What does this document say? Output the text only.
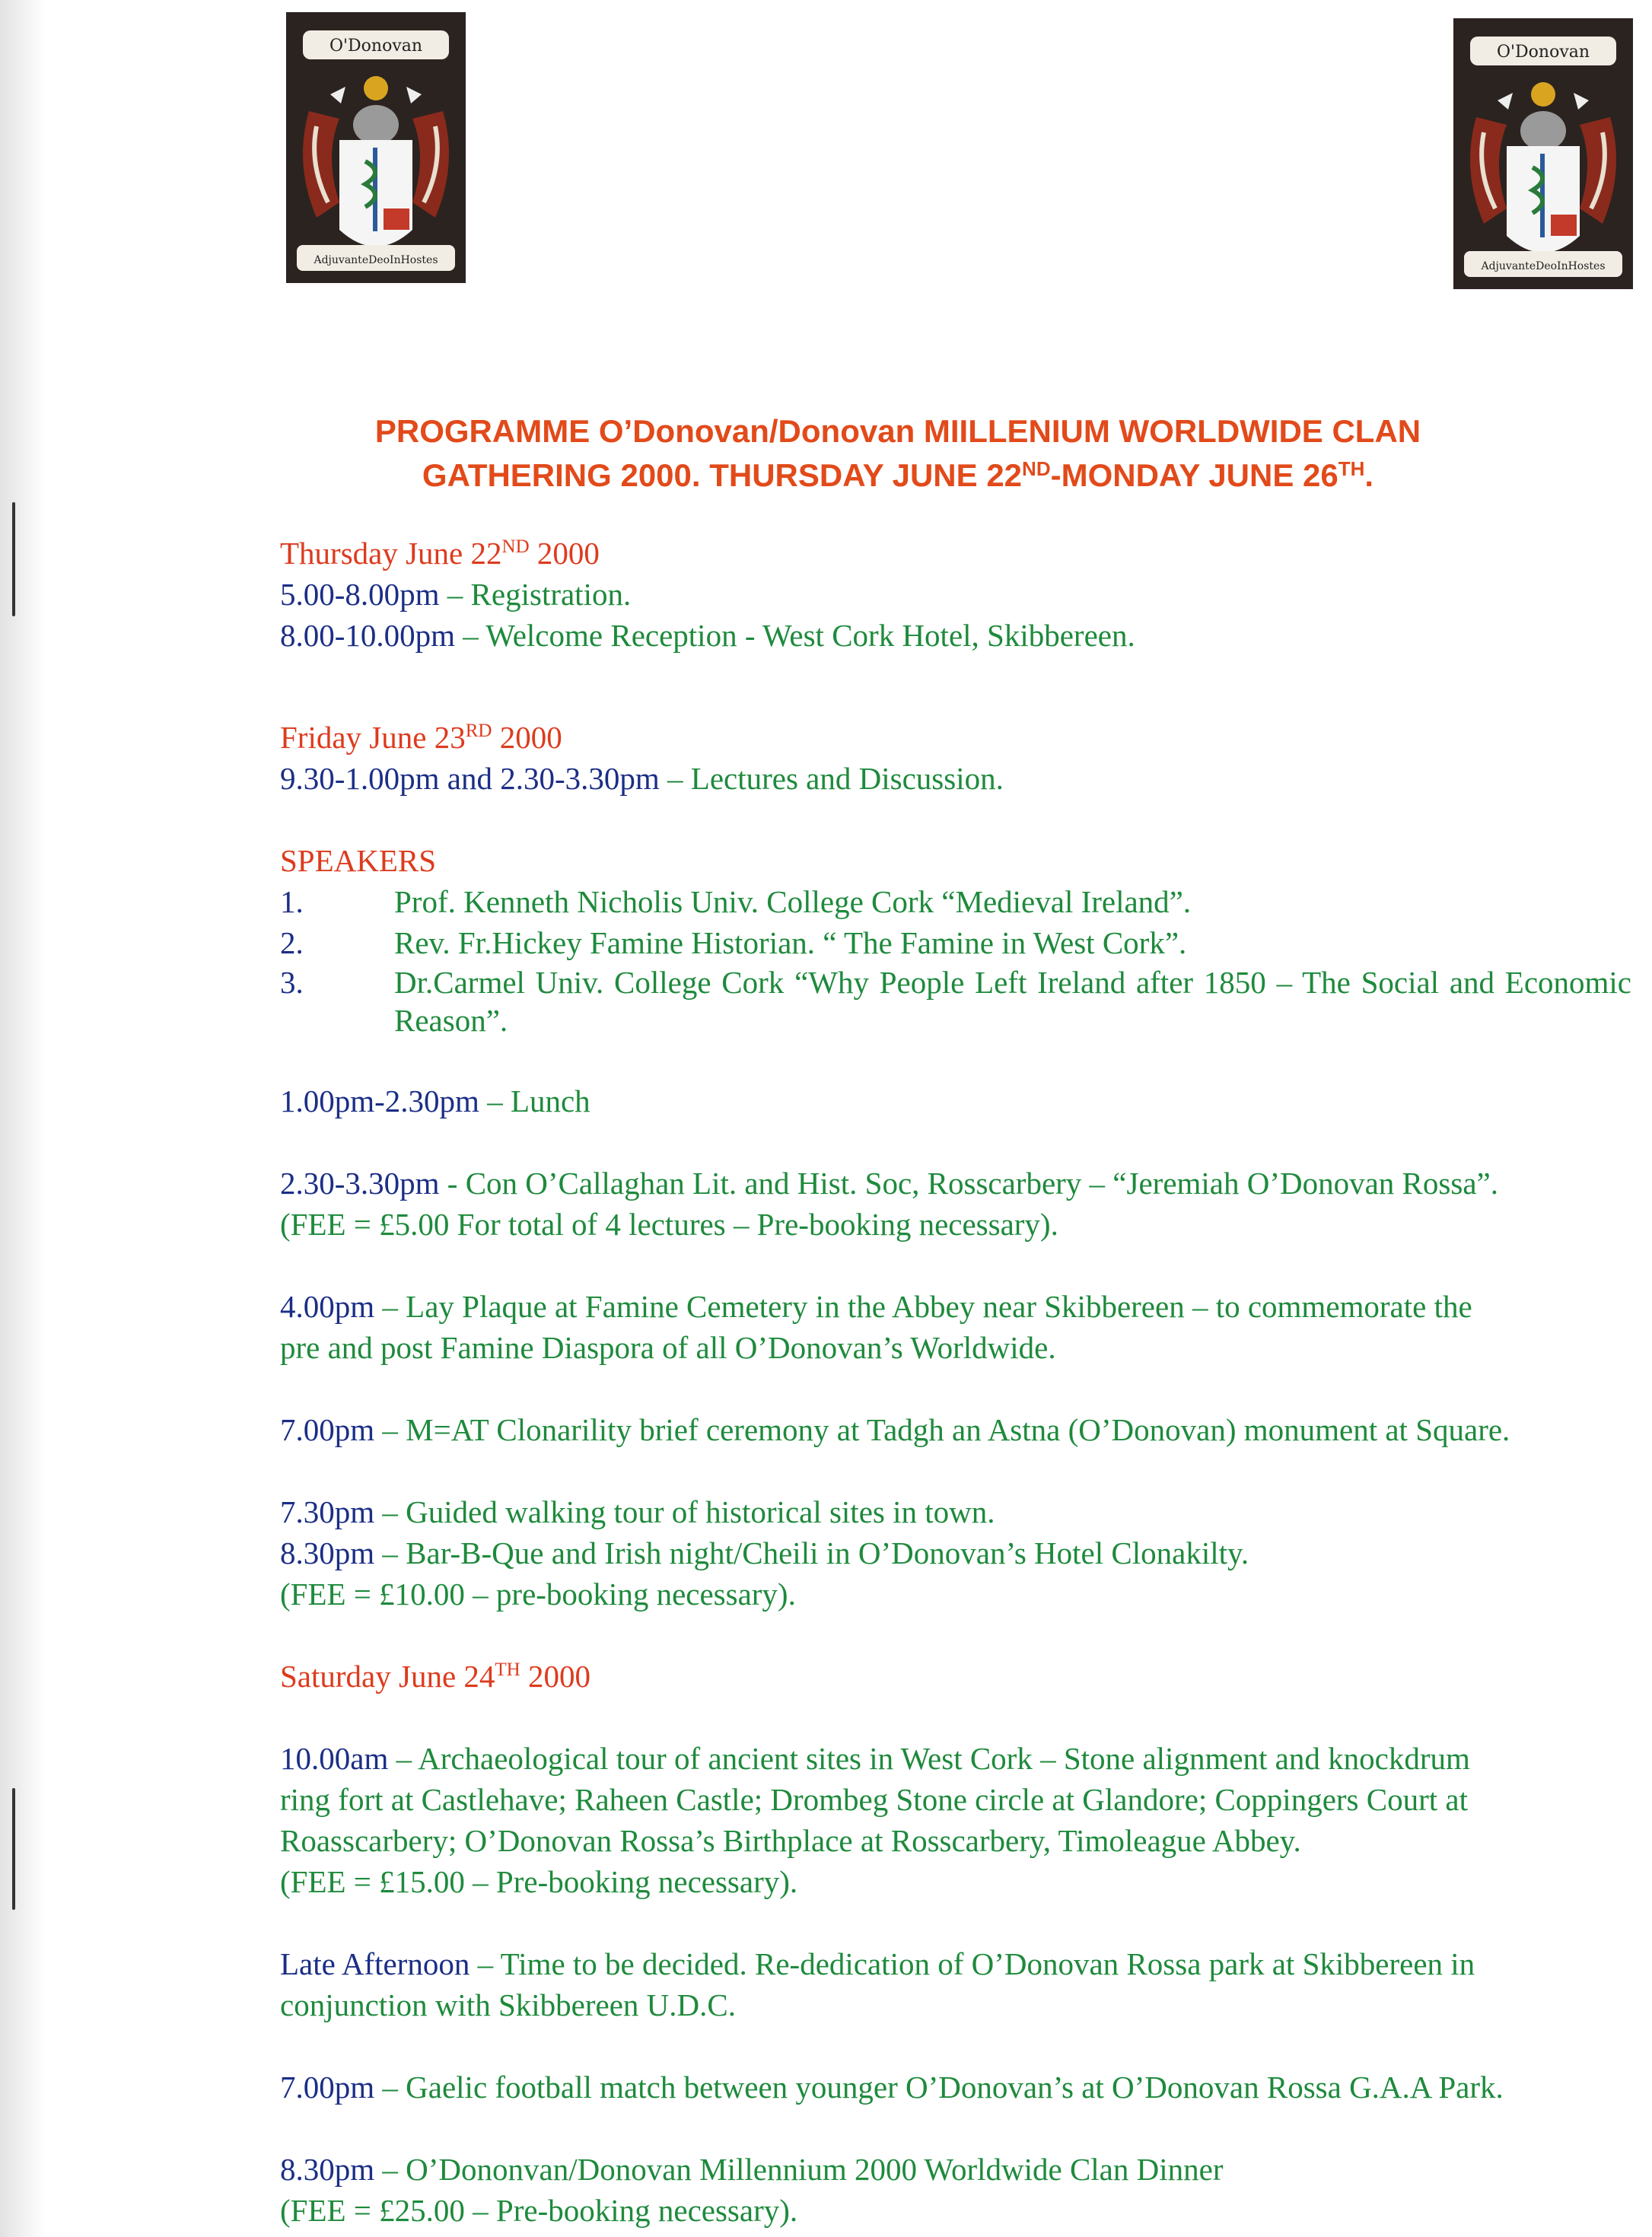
O'Donovan
AdjuvanteDeoInHostes
O'Donovan
AdjuvanteDeoInHostes
PROGRAMME O’Donovan/Donovan MIILLENIUM WORLDWIDE CLAN
GATHERING 2000. THURSDAY JUNE 22ND-MONDAY JUNE 26TH.
Thursday June 22ND 2000
5.00-8.00pm – Registration.
8.00-10.00pm – Welcome Reception - West Cork Hotel, Skibbereen.
Friday June 23RD 2000
9.30-1.00pm and 2.30-3.30pm – Lectures and Discussion.
SPEAKERS
1.	Prof. Kenneth Nicholis Univ. College Cork “Medieval Ireland”.
2.	Rev. Fr.Hickey Famine Historian. “ The Famine in West Cork”.
3.	Dr.Carmel Univ. College Cork “Why People Left Ireland after 1850 – The Social and Economic Reason”.
1.00pm-2.30pm – Lunch
2.30-3.30pm - Con O’Callaghan Lit. and Hist. Soc, Rosscarbery – “Jeremiah O’Donovan Rossa”.
(FEE = £5.00 For total of 4 lectures – Pre-booking necessary).
4.00pm – Lay Plaque at Famine Cemetery in the Abbey near Skibbereen – to commemorate the
pre and post Famine Diaspora of all O’Donovan’s Worldwide.
7.00pm – M=AT Clonarility brief ceremony at Tadgh an Astna (O’Donovan) monument at Square.
7.30pm – Guided walking tour of historical sites in town.
8.30pm – Bar-B-Que and Irish night/Cheili in O’Donovan’s Hotel Clonakilty.
(FEE = £10.00 – pre-booking necessary).
Saturday June 24TH 2000
10.00am – Archaeological tour of ancient sites in West Cork – Stone alignment and knockdrum
ring fort at Castlehave; Raheen Castle; Drombeg Stone circle at Glandore; Coppingers Court at
Roasscarbery; O’Donovan Rossa’s Birthplace at Rosscarbery, Timoleague Abbey.
(FEE = £15.00 – Pre-booking necessary).
Late Afternoon – Time to be decided. Re-dedication of O’Donovan Rossa park at Skibbereen in
conjunction with Skibbereen U.D.C.
7.00pm – Gaelic football match between younger O’Donovan’s at O’Donovan Rossa G.A.A Park.
8.30pm – O’Dononvan/Donovan Millennium 2000 Worldwide Clan Dinner
(FEE = £25.00 – Pre-booking necessary).
